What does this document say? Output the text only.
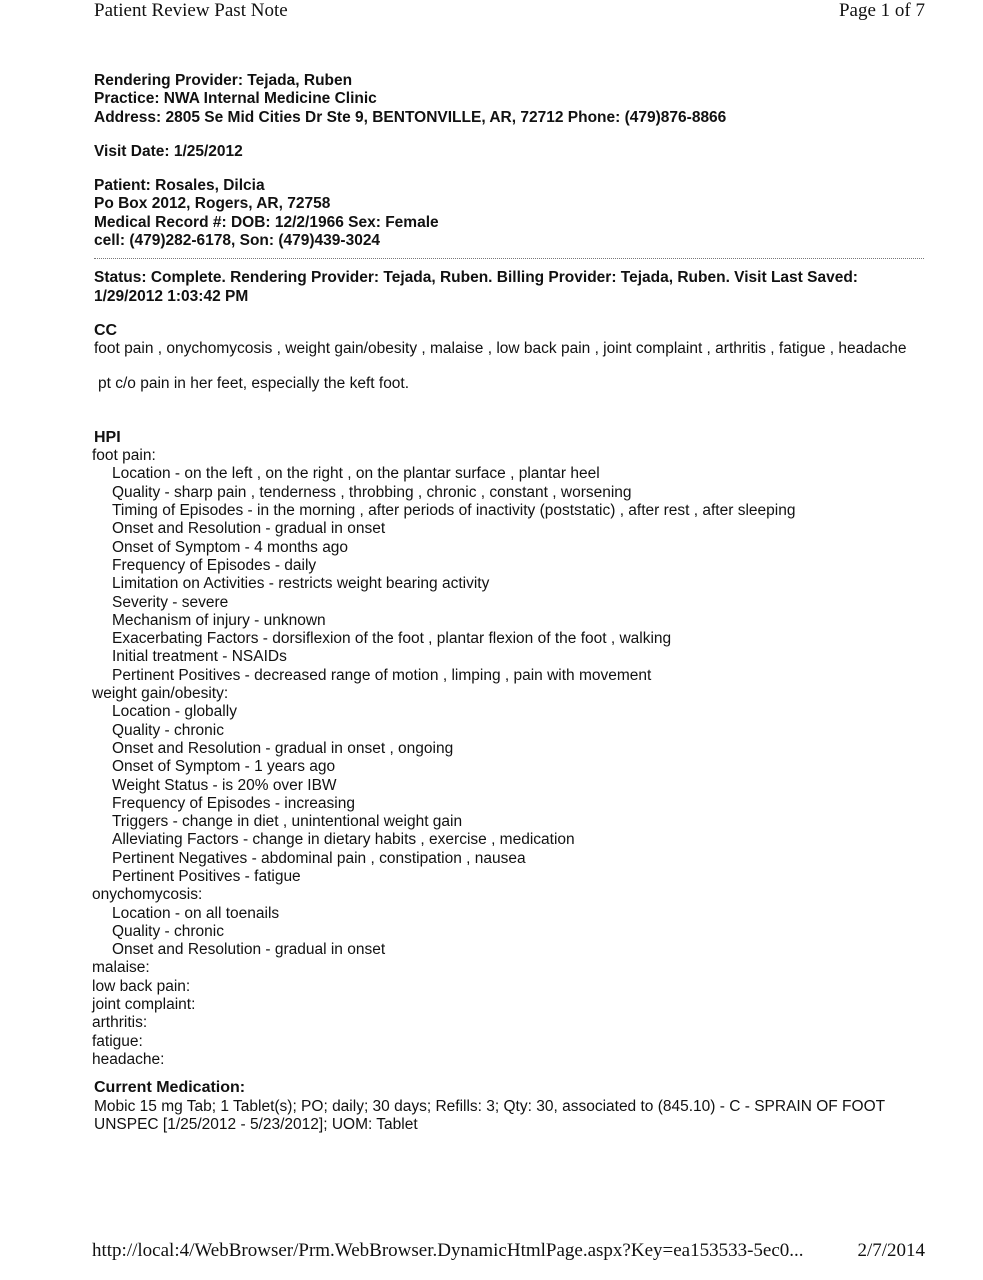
Patient Review Past Note	Page 1 of 7
Rendering Provider: Tejada, Ruben
Practice: NWA Internal Medicine Clinic
Address: 2805 Se Mid Cities Dr Ste 9, BENTONVILLE, AR, 72712 Phone: (479)876-8866
Visit Date: 1/25/2012
Patient: Rosales, Dilcia
Po Box 2012, Rogers, AR, 72758
Medical Record #: DOB: 12/2/1966 Sex: Female
cell: (479)282-6178, Son: (479)439-3024
Status: Complete. Rendering Provider: Tejada, Ruben. Billing Provider: Tejada, Ruben. Visit Last Saved: 1/29/2012 1:03:42 PM
CC
foot pain , onychomycosis , weight gain/obesity , malaise , low back pain , joint complaint , arthritis , fatigue , headache
pt c/o pain in her feet, especially the keft foot.
HPI
foot pain:
Location - on the left , on the right , on the plantar surface , plantar heel
Quality - sharp pain , tenderness , throbbing , chronic , constant , worsening
Timing of Episodes - in the morning , after periods of inactivity (poststatic) , after rest , after sleeping
Onset and Resolution - gradual in onset
Onset of Symptom - 4 months ago
Frequency of Episodes - daily
Limitation on Activities - restricts weight bearing activity
Severity - severe
Mechanism of injury - unknown
Exacerbating Factors - dorsiflexion of the foot , plantar flexion of the foot , walking
Initial treatment - NSAIDs
Pertinent Positives - decreased range of motion , limping , pain with movement
weight gain/obesity:
Location - globally
Quality - chronic
Onset and Resolution - gradual in onset , ongoing
Onset of Symptom - 1 years ago
Weight Status - is 20% over IBW
Frequency of Episodes - increasing
Triggers - change in diet , unintentional weight gain
Alleviating Factors - change in dietary habits , exercise , medication
Pertinent Negatives - abdominal pain , constipation , nausea
Pertinent Positives - fatigue
onychomycosis:
Location - on all toenails
Quality - chronic
Onset and Resolution - gradual in onset
malaise:
low back pain:
joint complaint:
arthritis:
fatigue:
headache:
Current Medication:
Mobic 15 mg Tab; 1 Tablet(s); PO; daily; 30 days; Refills: 3; Qty: 30, associated to (845.10) - C - SPRAIN OF FOOT UNSPEC [1/25/2012 - 5/23/2012]; UOM: Tablet
http://local:4/WebBrowser/Prm.WebBrowser.DynamicHtmlPage.aspx?Key=ea153533-5ec0...	2/7/2014
